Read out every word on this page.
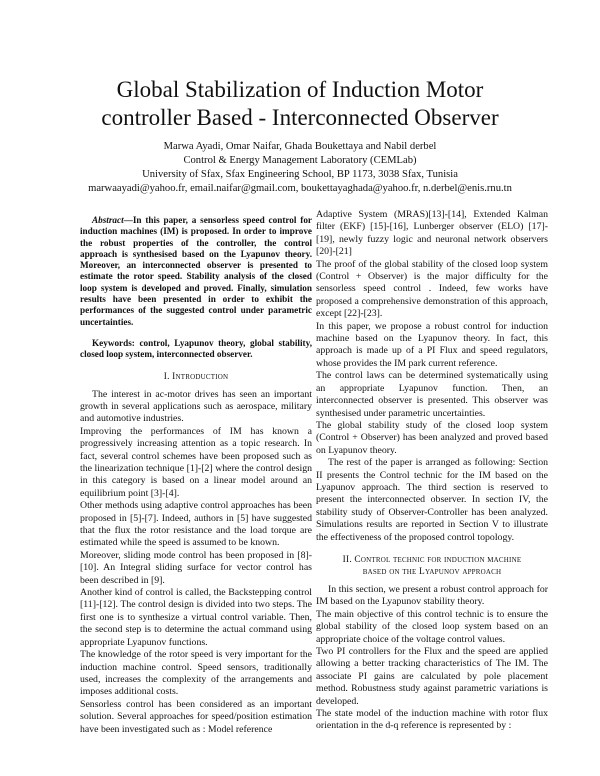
Global Stabilization of Induction Motor
controller Based - Interconnected Observer
Marwa Ayadi, Omar Naifar, Ghada Boukettaya and Nabil derbel
Control & Energy Management Laboratory (CEMLab)
University of Sfax, Sfax Engineering School, BP 1173, 3038 Sfax, Tunisia
marwaayadi@yahoo.fr, email.naifar@gmail.com, boukettayaghada@yahoo.fr, n.derbel@enis.rnu.tn

Abstract—In this paper, a sensorless speed control for induction machines (IM) is proposed. In order to improve the robust properties of the controller, the control approach is synthesised based on the Lyapunov theory. Moreover, an interconnected observer is presented to estimate the rotor speed. Stability analysis of the closed loop system is developed and proved. Finally, simulation results have been presented in order to exhibit the performances of the suggested control under parametric uncertainties.

Keywords: control, Lyapunov theory, global stability, closed loop system, interconnected observer.

I. Introduction

The interest in ac-motor drives has seen an important growth in several applications such as aerospace, military and automotive industries.

Improving the performances of IM has known a progressively increasing attention as a topic research. In fact, several control schemes have been proposed such as the linearization technique [1]-[2] where the control design in this category is based on a linear model around an equilibrium point [3]-[4].

Other methods using adaptive control approaches has been proposed in [5]-[7]. Indeed, authors in [5] have suggested that the flux the rotor resistance and the load torque are estimated while the speed is assumed to be known.

Moreover, sliding mode control has been proposed in [8]-[10]. An Integral sliding surface for vector control has been described in [9].

Another kind of control is called, the Backstepping control [11]-[12]. The control design is divided into two steps. The first one is to synthesize a virtual control variable. Then, the second step is to determine the actual command using appropriate Lyapunov functions.

The knowledge of the rotor speed is very important for the induction machine control. Speed sensors, traditionally used, increases the complexity of the arrangements and imposes additional costs.

Sensorless control has been considered as an important solution. Several approaches for speed/position estimation have been investigated such as : Model reference

Adaptive System (MRAS)[13]-[14], Extended Kalman filter (EKF) [15]-[16], Lunberger observer (ELO) [17]-[19], newly fuzzy logic and neuronal network observers [20]-[21]

The proof of the global stability of the closed loop system (Control + Observer) is the major difficulty for the sensorless speed control . Indeed, few works have proposed a comprehensive demonstration of this approach, except [22]-[23].

In this paper, we propose a robust control for induction machine based on the Lyapunov theory. In fact, this approach is made up of a PI Flux and speed regulators, whose provides the IM park current reference.

The control laws can be determined systematically using an appropriate Lyapunov function. Then, an interconnected observer is presented. This observer was synthesised under parametric uncertainties.

The global stability study of the closed loop system (Control + Observer) has been analyzed and proved based on Lyapunov theory.

The rest of the paper is arranged as following: Section II presents the Control technic for the IM based on the Lyapunov approach. The third section is reserved to present the interconnected observer. In section IV, the stability study of Observer-Controller has been analyzed. Simulations results are reported in Section V to illustrate the effectiveness of the proposed control topology.

II. Control technic for induction machine
based on the Lyapunov approach

In this section, we present a robust control approach for IM based on the Lyapunov stability theory.

The main objective of this control technic is to ensure the global stability of the closed loop system based on an appropriate choice of the voltage control values.

Two PI controllers for the Flux and the speed are applied allowing a better tracking characteristics of The IM. The associate PI gains are calculated by pole placement method. Robustness study against parametric variations is developed.

The state model of the induction machine with rotor flux orientation in the d-q reference is represented by :
